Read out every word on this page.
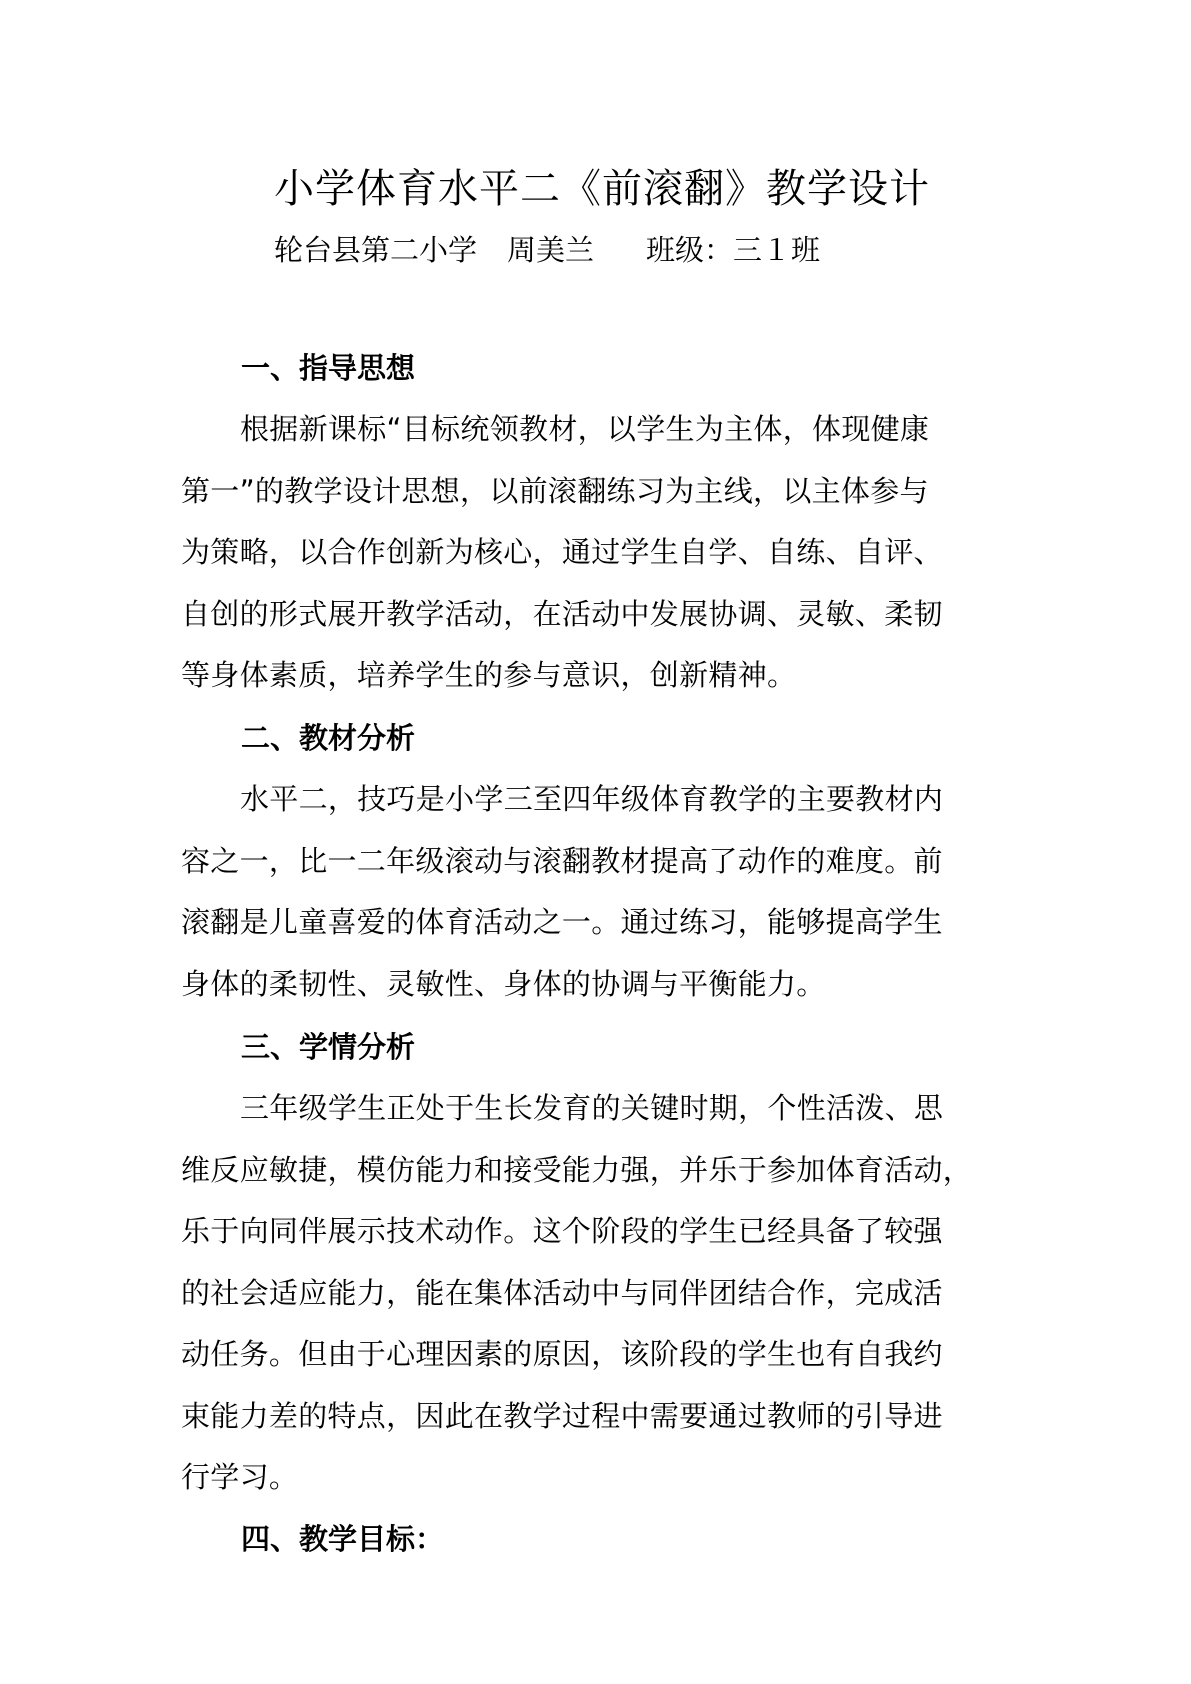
小学体育水平二《前滚翻》教学设计
轮台县第二小学 周美兰 班级：三１班
一、指导思想
根据新课标“目标统领教材，以学生为主体，体现健康
第一”的教学设计思想，以前滚翻练习为主线，以主体参与
为策略，以合作创新为核心，通过学生自学、自练、自评、
自创的形式展开教学活动，在活动中发展协调、灵敏、柔韧
等身体素质，培养学生的参与意识，创新精神。
二、教材分析
水平二，技巧是小学三至四年级体育教学的主要教材内
容之一，比一二年级滚动与滚翻教材提高了动作的难度。前
滚翻是儿童喜爱的体育活动之一。通过练习，能够提高学生
身体的柔韧性、灵敏性、身体的协调与平衡能力。
三、学情分析
三年级学生正处于生长发育的关键时期，个性活泼、思
维反应敏捷，模仿能力和接受能力强，并乐于参加体育活动，
乐于向同伴展示技术动作。这个阶段的学生已经具备了较强
的社会适应能力，能在集体活动中与同伴团结合作，完成活
动任务。但由于心理因素的原因，该阶段的学生也有自我约
束能力差的特点，因此在教学过程中需要通过教师的引导进
行学习。
四、教学目标：
